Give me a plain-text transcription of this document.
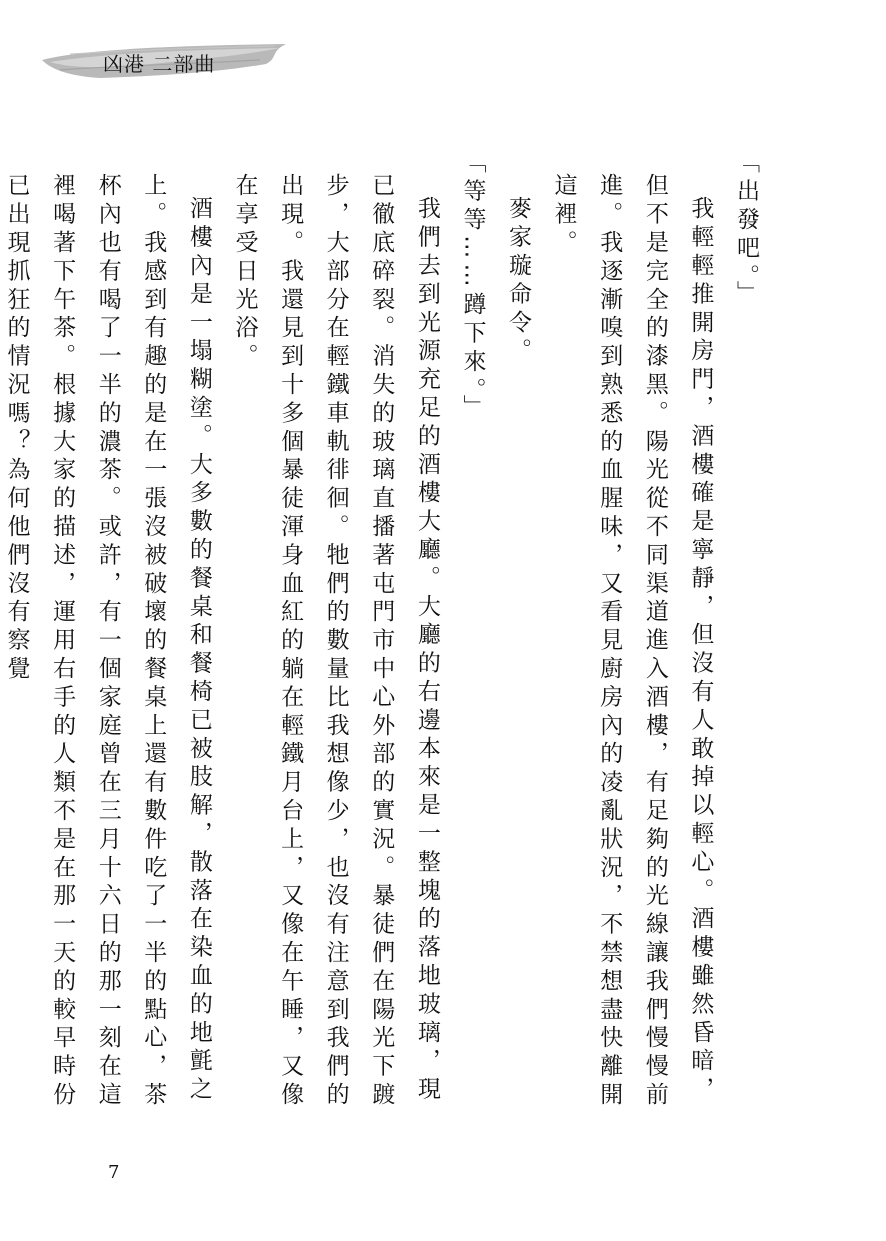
凶港 二部曲

「出發吧。」

我輕輕推開房門，酒樓確是寧靜，但沒有人敢掉以輕心。酒樓雖然昏暗，但不是完全的漆黑。陽光從不同渠道進入酒樓，有足夠的光線讓我們慢慢前進。我逐漸嗅到熟悉的血腥味，又看見廚房內的凌亂狀況，不禁想盡快離開這裡。

麥家璇命令。

「等等……蹲下來。」

我們去到光源充足的酒樓大廳。大廳的右邊本來是一整塊的落地玻璃，現已徹底碎裂。消失的玻璃直播著屯門市中心外部的實況。暴徒們在陽光下踱步，大部分在輕鐵車軌徘徊。牠們的數量比我想像少，也沒有注意到我們的出現。我還見到十多個暴徒渾身血紅的躺在輕鐵月台上，又像在午睡，又像在享受日光浴。

酒樓內是一塌糊塗。大多數的餐桌和餐椅已被肢解，散落在染血的地氈之上。我感到有趣的是在一張沒被破壞的餐桌上還有數件吃了一半的點心，茶杯內也有喝了一半的濃茶。或許，有一個家庭曾在三月十六日的那一刻在這裡喝著下午茶。根據大家的描述，運用右手的人類不是在那一天的較早時份已出現抓狂的情況嗎？為何他們沒有察覺

7
